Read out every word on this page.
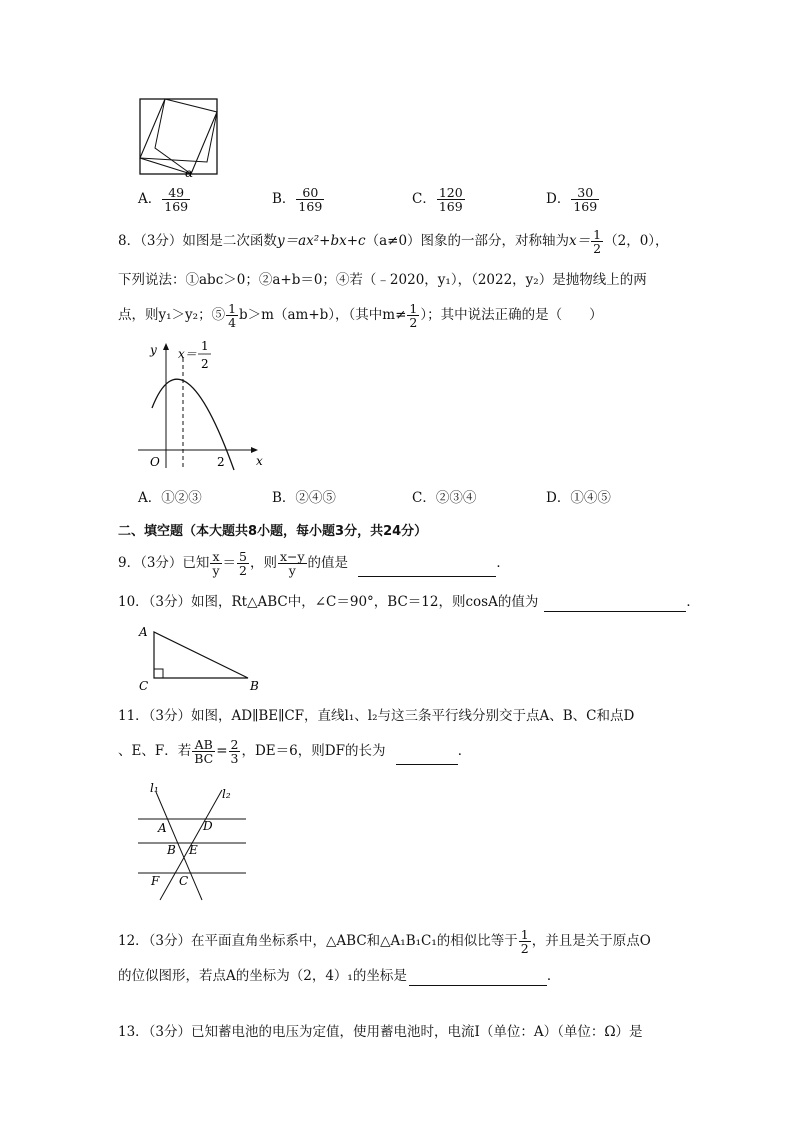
α
A． $\frac{49}{169}$	B． $\frac{60}{169}$	C． $\frac{120}{169}$	D． $\frac{30}{169}$
8．（3分）如图是二次函数y＝ax²+bx+c（a≠0）图象的一部分，对称轴为$x= \frac{1}{2} (2$，0），
下列说法：①abc＞0；②a+b＝0；④若（﹣2020，y₁），（2022，y₂）是抛物线上的两
点，则y₁＞y₂；⑤ $\frac{1}{4} b>m(am+b)$，（其中$m\ne \frac{1}{2}$ ）；其中说法正确的是（　　）
y
x
O	2
x＝
1
2
A．①②③	B．②④⑤	C．②③④	D．①④⑤
二、填空题（本大题共8小题，每小题3分，共24分）
9．（3分）已知 $\frac{x}{y} = \frac{5}{2}$ ，则 $\frac{x-y}{y}$ 的值是	．
10．（3分）如图，Rt△ABC中，∠C＝90°，BC＝12，则cosA的值为	．
A
C	B
11．（3分）如图，AD∥BE∥CF，直线l₁、l₂与这三条平行线分别交于点A、B、C和点D
、E、F．若 $\frac{AB}{BC} = \frac{2}{3}$ ，DE＝6，则DF的长为	．
l₁	l₂
A	D
B E
F C
12．（3分）在平面直角坐标系中，△ABC和△A₁B₁C₁的相似比等于 $\frac{1}{2}$ ，并且是关于原点O
的位似图形，若点A的坐标为（2，4）₁的坐标是	．
13．（3分）已知蓄电池的电压为定值，使用蓄电池时，电流I（单位：A）（单位：Ω）是
